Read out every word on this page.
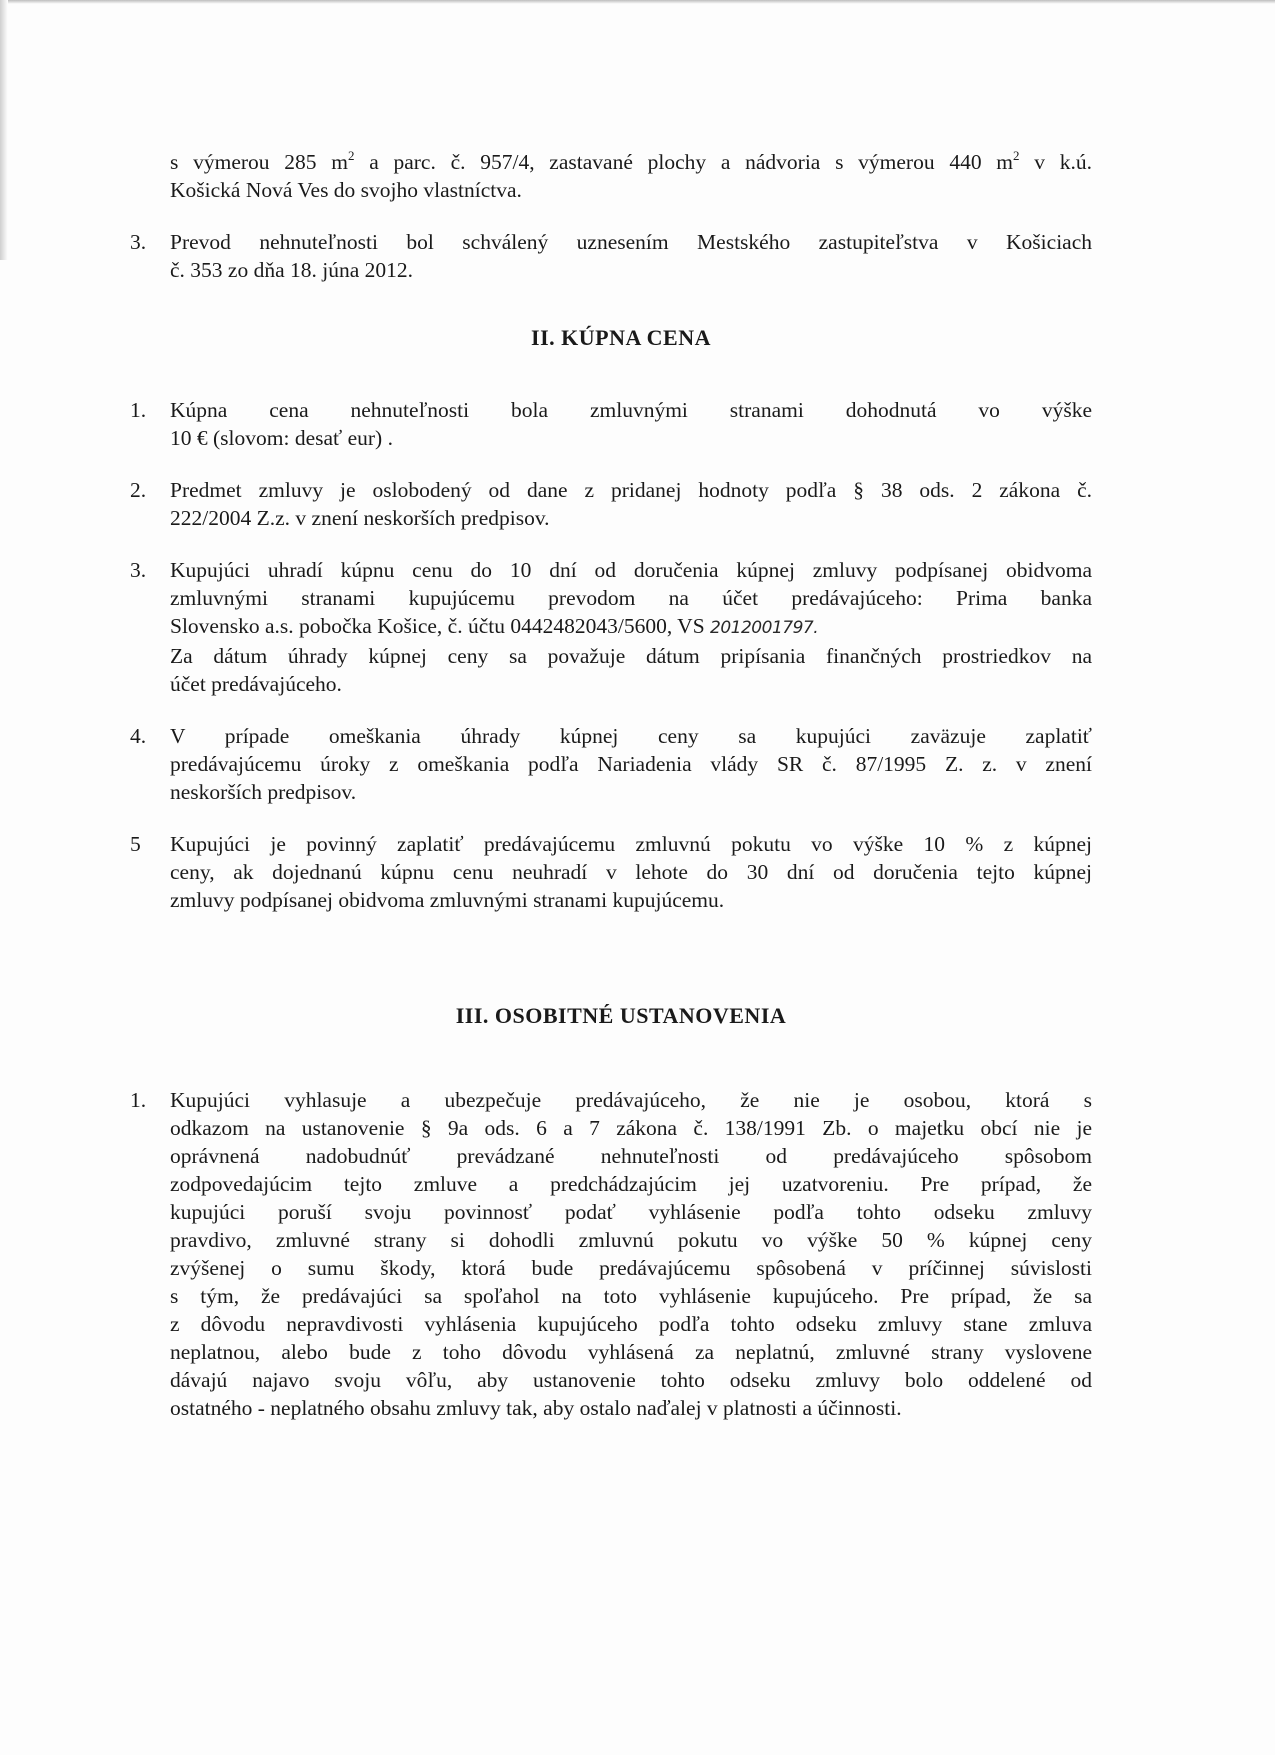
s výmerou 285 $m^2$ a parc. č. 957/4, zastavané plochy a nádvoria s výmerou 440 $m^2$ v k.ú.
Košická Nová Ves do svojho vlastníctva.
3. Prevod nehnuteľnosti bol schválený uznesením Mestského zastupiteľstva v Košiciach
č. 353 zo dňa 18. júna 2012.
II. KÚPNA CENA
1. Kúpna cena nehnuteľnosti bola zmluvnými stranami dohodnutá vo výške
10 € (slovom: desať eur) .
2. Predmet zmluvy je oslobodený od dane z pridanej hodnoty podľa § 38 ods. 2 zákona č.
222/2004 Z.z. v znení neskorších predpisov.
3. Kupujúci uhradí kúpnu cenu do 10 dní od doručenia kúpnej zmluvy podpísanej obidvoma
zmluvnými stranami kupujúcemu prevodom na účet predávajúceho: Prima banka
Slovensko a.s. pobočka Košice, č. účtu 0442482043/5600, VS 2012001797.
Za dátum úhrady kúpnej ceny sa považuje dátum pripísania finančných prostriedkov na
účet predávajúceho.
4. V prípade omeškania úhrady kúpnej ceny sa kupujúci zaväzuje zaplatiť
predávajúcemu úroky z omeškania podľa Nariadenia vlády SR č. 87/1995 Z. z. v znení
neskorších predpisov.
5 Kupujúci je povinný zaplatiť predávajúcemu zmluvnú pokutu vo výške 10 % z kúpnej
ceny, ak dojednanú kúpnu cenu neuhradí v lehote do 30 dní od doručenia tejto kúpnej
zmluvy podpísanej obidvoma zmluvnými stranami kupujúcemu.
III. OSOBITNÉ USTANOVENIA
1. Kupujúci vyhlasuje a ubezpečuje predávajúceho, že nie je osobou, ktorá s
odkazom na ustanovenie § 9a ods. 6 a 7 zákona č. 138/1991 Zb. o majetku obcí nie je
oprávnená nadobudnúť prevádzané nehnuteľnosti od predávajúceho spôsobom
zodpovedajúcim tejto zmluve a predchádzajúcim jej uzatvoreniu. Pre prípad, že
kupujúci poruší svoju povinnosť podať vyhlásenie podľa tohto odseku zmluvy
pravdivo, zmluvné strany si dohodli zmluvnú pokutu vo výške 50 % kúpnej ceny
zvýšenej o sumu škody, ktorá bude predávajúcemu spôsobená v príčinnej súvislosti
s tým, že predávajúci sa spoľahol na toto vyhlásenie kupujúceho. Pre prípad, že sa
z dôvodu nepravdivosti vyhlásenia kupujúceho podľa tohto odseku zmluvy stane zmluva
neplatnou, alebo bude z toho dôvodu vyhlásená za neplatnú, zmluvné strany vyslovene
dávajú najavo svoju vôľu, aby ustanovenie tohto odseku zmluvy bolo oddelené od
ostatného - neplatného obsahu zmluvy tak, aby ostalo naďalej v platnosti a účinnosti.
